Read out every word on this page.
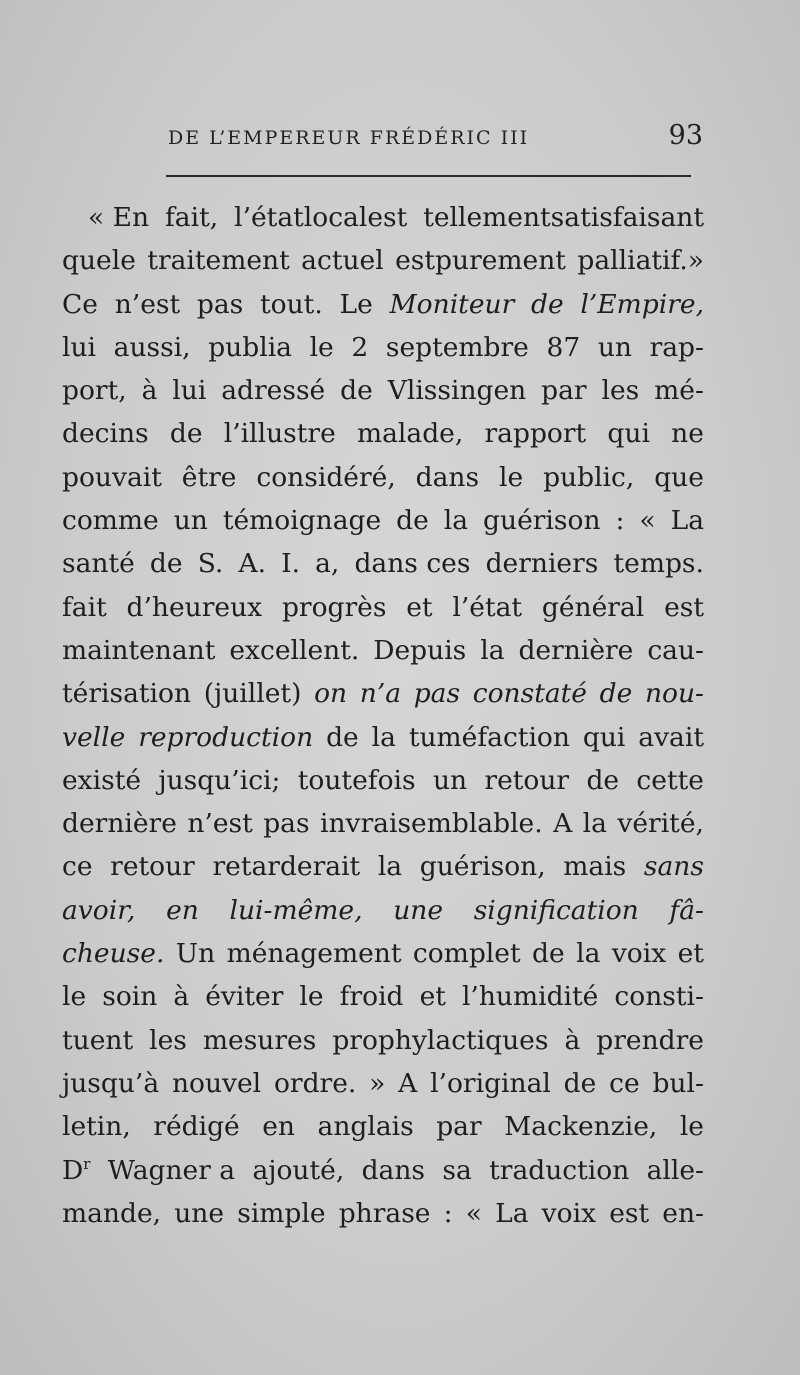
DE L’EMPEREUR FRÉDÉRIC III	93
« En fait, l’étatlocalest tellementsatisfaisant
quele traitement actuel estpurement palliatif.»
Ce n’est pas tout. Le Moniteur de l’Empire,
lui aussi, publia le 2 septembre 87 un rap-
port, à lui adressé de Vlissingen par les mé-
decins de l’illustre malade, rapport qui ne
pouvait être considéré, dans le public, que
comme un témoignage de la guérison : « La
santé de S. A. I. a, dans ces derniers temps.
fait d’heureux progrès et l’état général est
maintenant excellent. Depuis la dernière cau-
térisation (juillet) on n’a pas constaté de nou-
velle reproduction de la tuméfaction qui avait
existé jusqu’ici; toutefois un retour de cette
dernière n’est pas invraisemblable. A la vérité,
ce retour retarderait la guérison, mais sans
avoir, en lui-même, une signification fâ-
cheuse. Un ménagement complet de la voix et
le soin à éviter le froid et l’humidité consti-
tuent les mesures prophylactiques à prendre
jusqu’à nouvel ordre. » A l’original de ce bul-
letin, rédigé en anglais par Mackenzie, le
$D^r$ Wagner a ajouté, dans sa traduction alle-
mande, une simple phrase : « La voix est en-
